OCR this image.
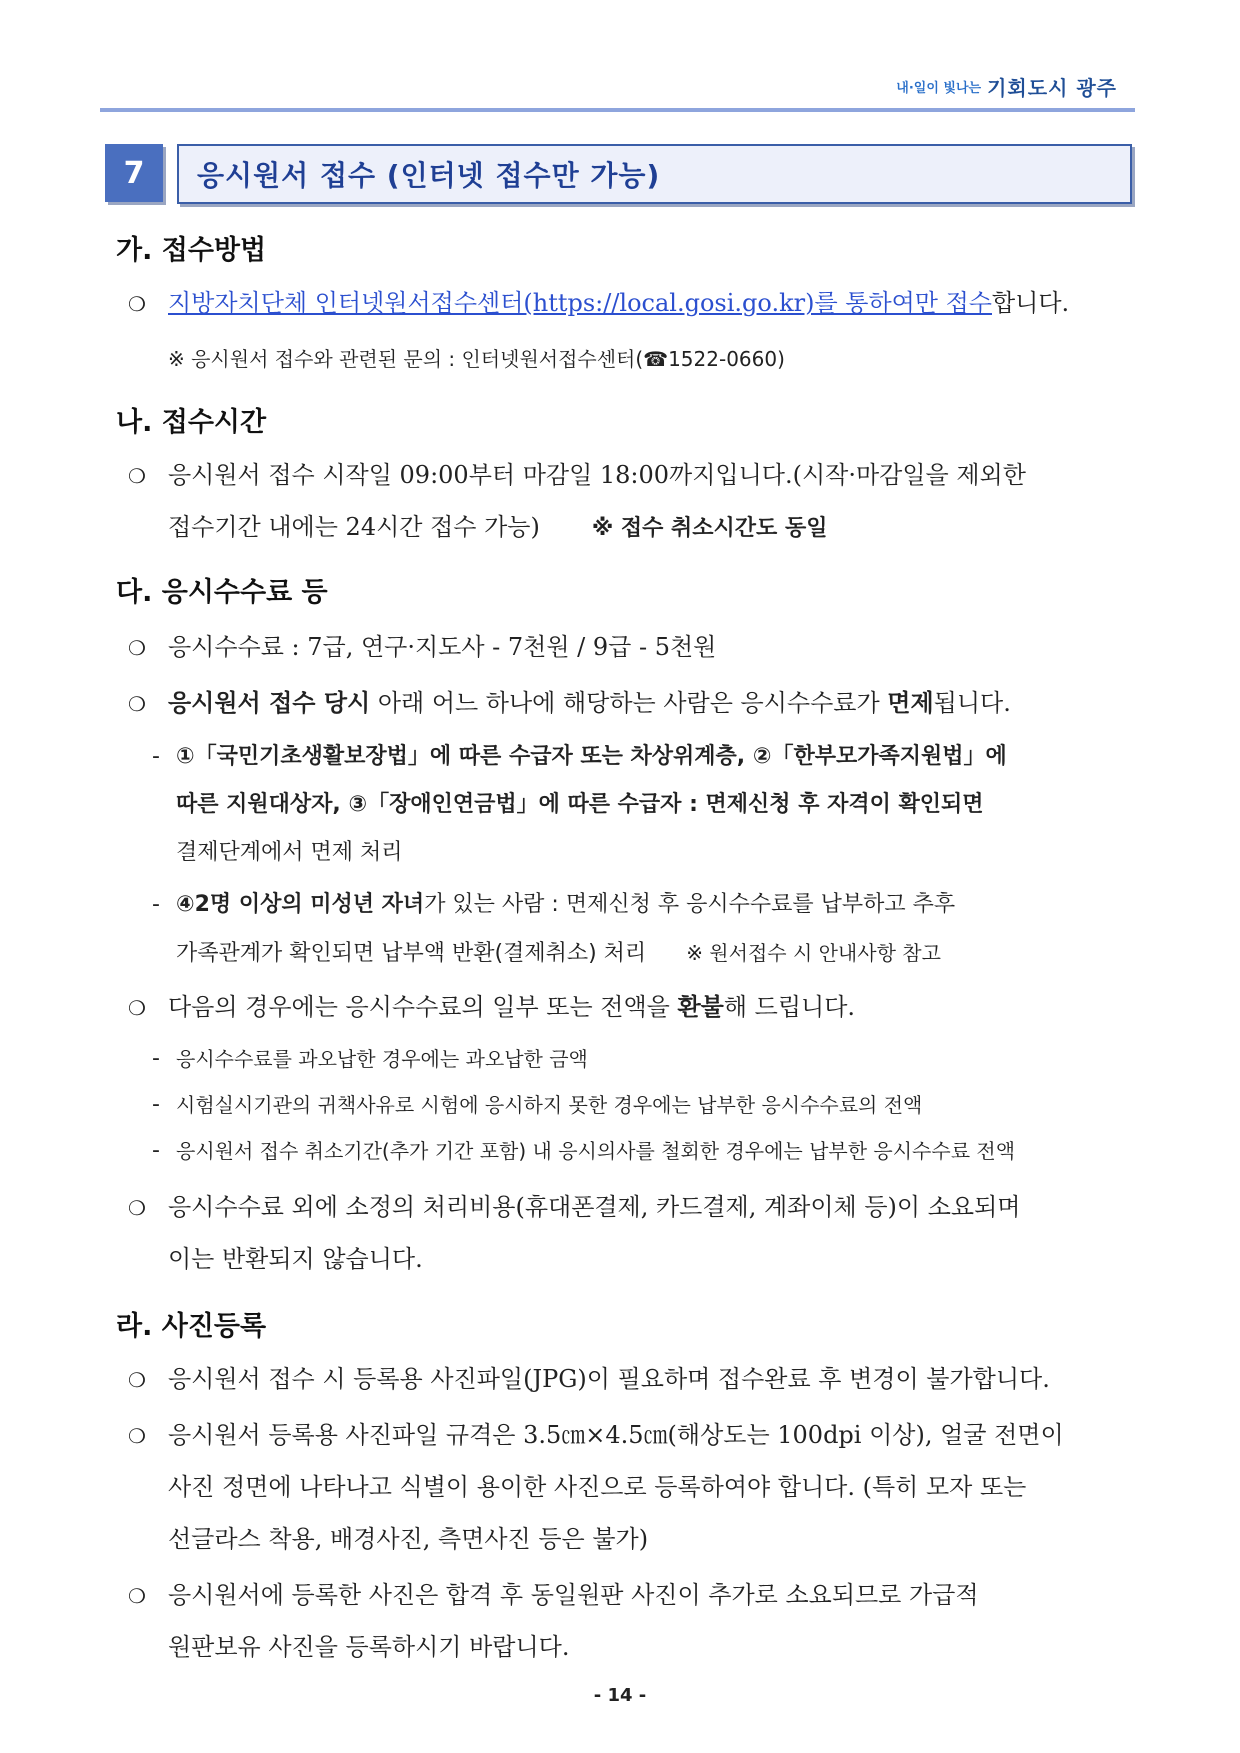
내·일이 빛나는 기회도시 광주
7	응시원서 접수 (인터넷 접수만 가능)
가. 접수방법
❍ 지방자치단체 인터넷원서접수센터(https://local.gosi.go.kr)를 통하여만 접수합니다.
※ 응시원서 접수와 관련된 문의 : 인터넷원서접수센터(☎1522-0660)
나. 접수시간
❍ 응시원서 접수 시작일 09:00부터 마감일 18:00까지입니다.(시작·마감일을 제외한
접수기간 내에는 24시간 접수 가능) ※ 접수 취소시간도 동일
다. 응시수수료 등
❍ 응시수수료 : 7급, 연구·지도사 - 7천원 / 9급 - 5천원
❍ 응시원서 접수 당시 아래 어느 하나에 해당하는 사람은 응시수수료가 면제됩니다.
- ①「국민기초생활보장법」에 따른 수급자 또는 차상위계층, ②「한부모가족지원법」에
따른 지원대상자, ③「장애인연금법」에 따른 수급자 : 면제신청 후 자격이 확인되면
결제단계에서 면제 처리
- ④2명 이상의 미성년 자녀가 있는 사람 : 면제신청 후 응시수수료를 납부하고 추후
가족관계가 확인되면 납부액 반환(결제취소) 처리 ※ 원서접수 시 안내사항 참고
❍ 다음의 경우에는 응시수수료의 일부 또는 전액을 환불해 드립니다.
- 응시수수료를 과오납한 경우에는 과오납한 금액
- 시험실시기관의 귀책사유로 시험에 응시하지 못한 경우에는 납부한 응시수수료의 전액
- 응시원서 접수 취소기간(추가 기간 포함) 내 응시의사를 철회한 경우에는 납부한 응시수수료 전액
❍ 응시수수료 외에 소정의 처리비용(휴대폰결제, 카드결제, 계좌이체 등)이 소요되며
이는 반환되지 않습니다.
라. 사진등록
❍ 응시원서 접수 시 등록용 사진파일(JPG)이 필요하며 접수완료 후 변경이 불가합니다.
❍ 응시원서 등록용 사진파일 규격은 3.5㎝×4.5㎝(해상도는 100dpi 이상), 얼굴 전면이
사진 정면에 나타나고 식별이 용이한 사진으로 등록하여야 합니다. (특히 모자 또는
선글라스 착용, 배경사진, 측면사진 등은 불가)
❍ 응시원서에 등록한 사진은 합격 후 동일원판 사진이 추가로 소요되므로 가급적
원판보유 사진을 등록하시기 바랍니다.
- 14 -
